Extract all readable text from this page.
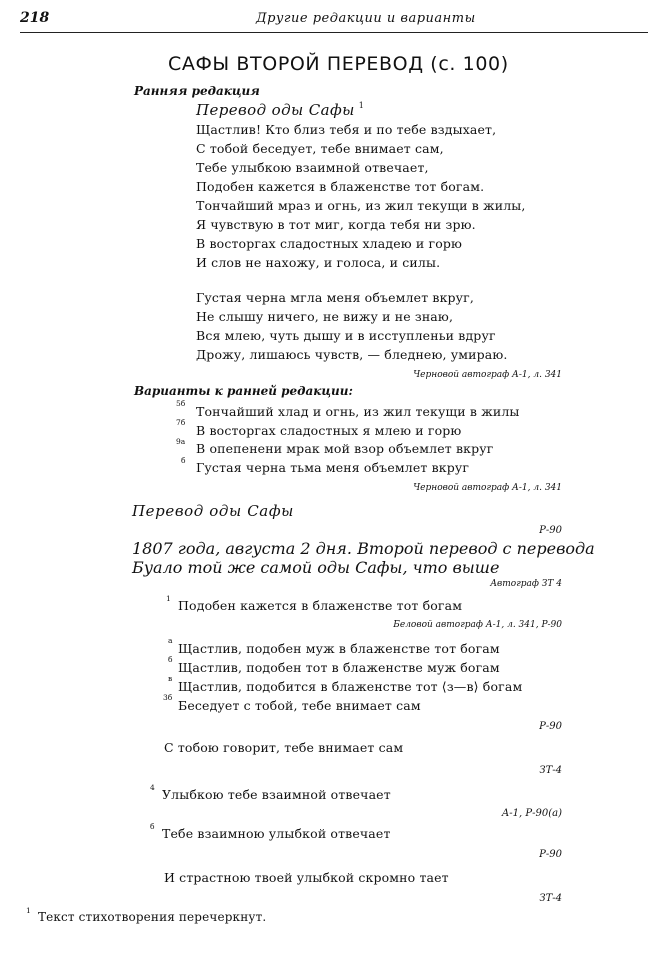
218	Другие редакции и варианты
САФЫ ВТОРОЙ ПЕРЕВОД (с. 100)
Ранняя редакция
Перевод оды Сафы $^1$
Щастлив! Кто близ тебя и по тебе вздыхает,
С тобой беседует, тебе внимает сам,
Тебе улыбкою взаимной отвечает,
Подобен кажется в блаженстве тот богам.
Тончайший мраз и огнь, из жил текущи в жилы,
Я чувствую в тот миг, когда тебя ни зрю.
В восторгах сладостных хладею и горю
И слов не нахожу, и голоса, и силы.
Густая черна мгла меня объемлет вкруг,
Не слышу ничего, не вижу и не знаю,
Вся млею, чуть дышу и в исступленьи вдруг
Дрожу, лишаюсь чувств, — бледнею, умираю.
Черновой автограф А-1, л. 341
Варианты к ранней редакции:
5б
Тончайший хлад и огнь, из жил текущи в жилы
7б
В восторгах сладостных я млею и горю
9а В опепенени мрак мой взор объемлет вкруг
б Густая черна тьма меня объемлет вкруг
Черновой автограф А-1, л. 341
Перевод оды Сафы
Р-90
1807 года, августа 2 дня. Второй перевод с перевода
Буало той же самой оды Сафы, что выше
Автограф ЗТ 4
1 Подобен кажется в блаженстве тот богам
Беловой автограф А-1, л. 341, Р-90
а
Щастлив, подобен муж в блаженстве тот богам
б
Щастлив, подобен тот в блаженстве муж богам
в
Щастлив, подобится в блаженстве тот ⟨з—в⟩ богам
3б
Беседует с тобой, тебе внимает сам
Р-90
С тобою говорит, тебе внимает сам
ЗТ-4
4 Улыбкою тебе взаимной отвечает
А-1, Р-90(а)
б Тебе взаимною улыбкой отвечает
Р-90
И страстною твоей улыбкой скромно тает
ЗТ-4
1 Текст стихотворения перечеркнут.
